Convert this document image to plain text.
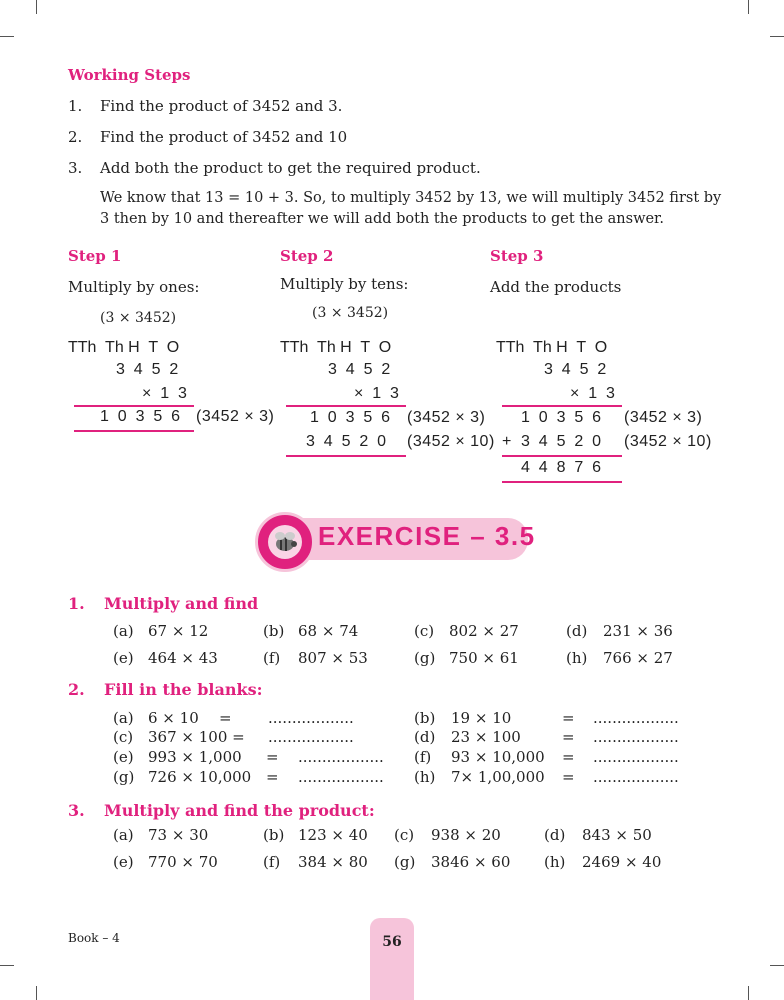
Working Steps
1. Find the product of 3452 and 3.
2. Find the product of 3452 and 10
3. Add both the product to get the required product.
We know that 13 = 10 + 3. So, to multiply 3452 by 13, we will multiply 3452 first by
3 then by 10 and thereafter we will add both the products to get the answer.
Step 1
Multiply by ones:
(3 × 3452)
TTh  Th H  T  O
3  4  5  2
×  1  3
1  0  3  5  6 (3452 × 3)
Step 2
Multiply by tens:
(3 × 3452)
TTh  Th H  T  O
3  4  5  2
×  1  3
1  0  3  5  6 (3452 × 3)
3  4  5  2  0 (3452 × 10)
Step 3
Add the products
TTh  Th H  T  O
3  4  5  2
×  1  3
1  0  3  5  6 (3452 × 3)
+ 3  4  5  2  0 (3452 × 10)
4  4  8  7  6
EXERCISE – 3.5
1. Multiply and find
(a) 67 × 12	(b) 68 × 74	(c) 802 × 27	(d) 231 × 36
(e) 464 × 43	(f) 807 × 53	(g) 750 × 61	(h) 766 × 27
2. Fill in the blanks:
(a) 6 × 10 = ..................	(b) 19 × 10	= ..................
(c) 367 × 100 = ..................	(d) 23 × 100	= ..................
(e) 993 × 1,000 = .................. (f) 93 × 10,000 = ..................
(g) 726 × 10,000 = .................. (h) 7× 1,00,000 = ..................
3. Multiply and find the product:
(a) 73 × 30	(b) 123 × 40 (c) 938 × 20	(d) 843 × 50
(e) 770 × 70	(f) 384 × 80 (g) 3846 × 60 (h) 2469 × 40
Book – 4	56
